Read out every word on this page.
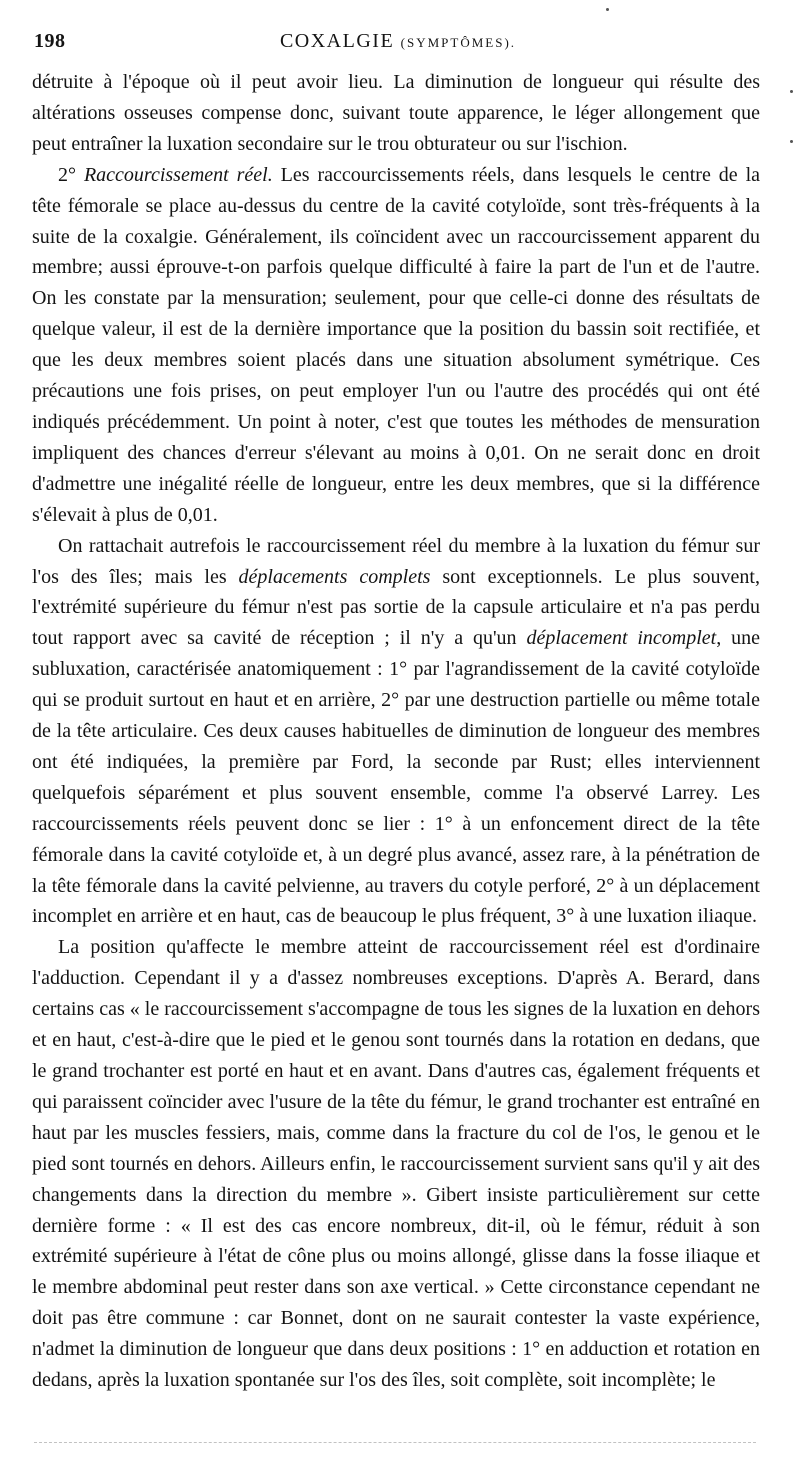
198	COXALGIE (SYMPTÔMES).

détruite à l'époque où il peut avoir lieu. La diminution de longueur qui résulte des altérations osseuses compense donc, suivant toute apparence, le léger allongement que peut entraîner la luxation secondaire sur le trou obturateur ou sur l'ischion.

2° Raccourcissement réel. Les raccourcissements réels, dans lesquels le centre de la tête fémorale se place au-dessus du centre de la cavité cotyloïde, sont très-fréquents à la suite de la coxalgie. Généralement, ils coïncident avec un raccourcissement apparent du membre; aussi éprouve-t-on parfois quelque difficulté à faire la part de l'un et de l'autre. On les constate par la mensuration; seulement, pour que celle-ci donne des résultats de quelque valeur, il est de la dernière importance que la position du bassin soit rectifiée, et que les deux membres soient placés dans une situation absolument symétrique. Ces précautions une fois prises, on peut employer l'un ou l'autre des procédés qui ont été indiqués précédemment. Un point à noter, c'est que toutes les méthodes de mensuration impliquent des chances d'erreur s'élevant au moins à 0,01. On ne serait donc en droit d'admettre une inégalité réelle de longueur, entre les deux membres, que si la différence s'élevait à plus de 0,01.

On rattachait autrefois le raccourcissement réel du membre à la luxation du fémur sur l'os des îles; mais les déplacements complets sont exceptionnels. Le plus souvent, l'extrémité supérieure du fémur n'est pas sortie de la capsule articulaire et n'a pas perdu tout rapport avec sa cavité de réception ; il n'y a qu'un déplacement incomplet, une subluxation, caractérisée anatomiquement : 1° par l'agrandissement de la cavité cotyloïde qui se produit surtout en haut et en arrière, 2° par une destruction partielle ou même totale de la tête articulaire. Ces deux causes habituelles de diminution de longueur des membres ont été indiquées, la première par Ford, la seconde par Rust; elles interviennent quelquefois séparément et plus souvent ensemble, comme l'a observé Larrey. Les raccourcissements réels peuvent donc se lier : 1° à un enfoncement direct de la tête fémorale dans la cavité cotyloïde et, à un degré plus avancé, assez rare, à la pénétration de la tête fémorale dans la cavité pelvienne, au travers du cotyle perforé, 2° à un déplacement incomplet en arrière et en haut, cas de beaucoup le plus fréquent, 3° à une luxation iliaque.

La position qu'affecte le membre atteint de raccourcissement réel est d'ordinaire l'adduction. Cependant il y a d'assez nombreuses exceptions. D'après A. Berard, dans certains cas « le raccourcissement s'accompagne de tous les signes de la luxation en dehors et en haut, c'est-à-dire que le pied et le genou sont tournés dans la rotation en dedans, que le grand trochanter est porté en haut et en avant. Dans d'autres cas, également fréquents et qui paraissent coïncider avec l'usure de la tête du fémur, le grand trochanter est entraîné en haut par les muscles fessiers, mais, comme dans la fracture du col de l'os, le genou et le pied sont tournés en dehors. Ailleurs enfin, le raccourcissement survient sans qu'il y ait des changements dans la direction du membre ». Gibert insiste particulièrement sur cette dernière forme : « Il est des cas encore nombreux, dit-il, où le fémur, réduit à son extrémité supérieure à l'état de cône plus ou moins allongé, glisse dans la fosse iliaque et le membre abdominal peut rester dans son axe vertical. » Cette circonstance cependant ne doit pas être commune : car Bonnet, dont on ne saurait contester la vaste expérience, n'admet la diminution de longueur que dans deux positions : 1° en adduction et rotation en dedans, après la luxation spontanée sur l'os des îles, soit complète, soit incomplète; le
